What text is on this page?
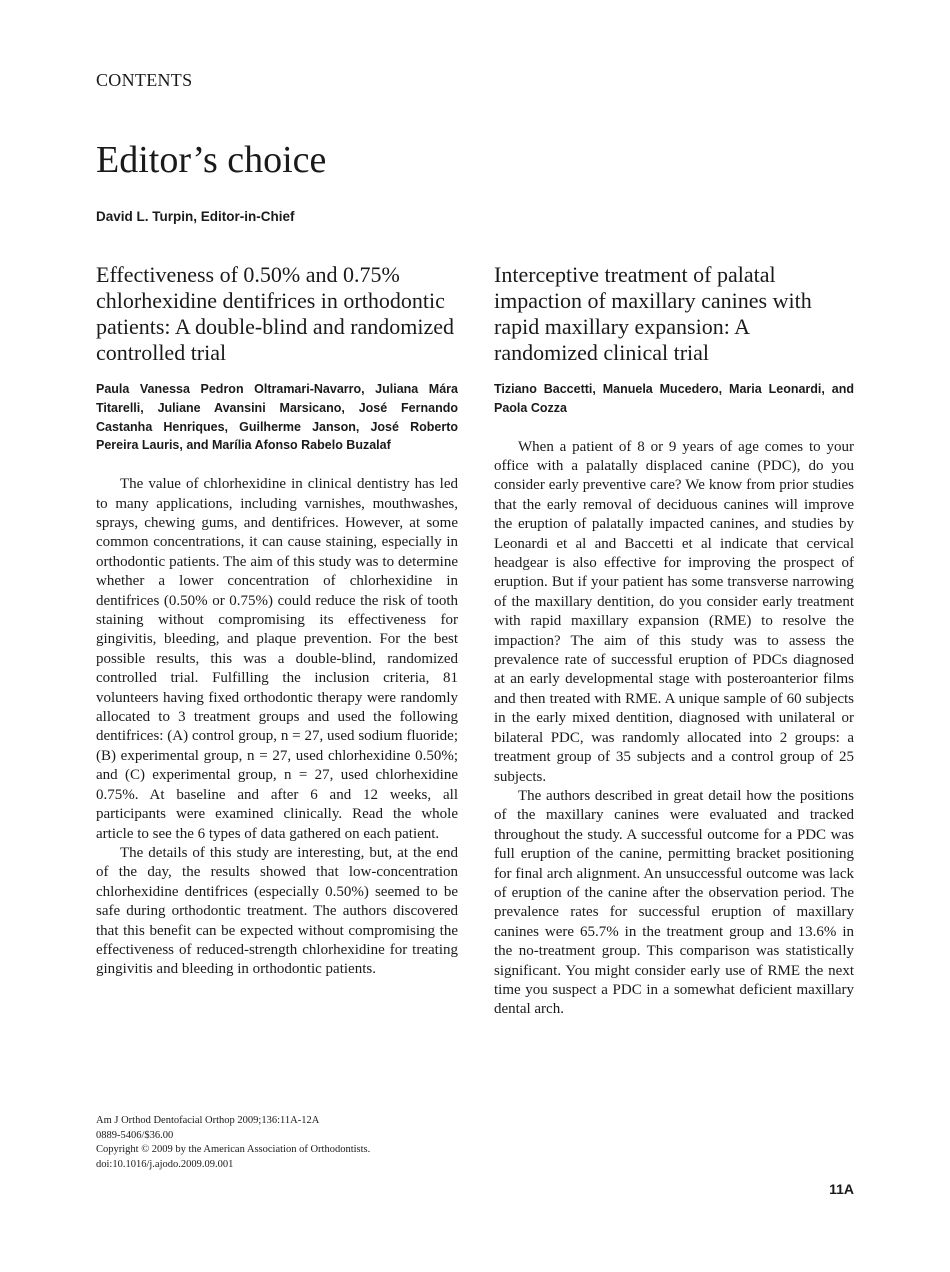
CONTENTS
Editor’s choice
David L. Turpin, Editor-in-Chief
Effectiveness of 0.50% and 0.75% chlorhexidine dentifrices in orthodontic patients: A double-blind and randomized controlled trial
Paula Vanessa Pedron Oltramari-Navarro, Juliana Mára Titarelli, Juliane Avansini Marsicano, José Fernando Castanha Henriques, Guilherme Janson, José Roberto Pereira Lauris, and Marília Afonso Rabelo Buzalaf

The value of chlorhexidine in clinical dentistry has led to many applications, including varnishes, mouthwashes, sprays, chewing gums, and dentifrices. However, at some common concentrations, it can cause staining, especially in orthodontic patients. The aim of this study was to determine whether a lower concentration of chlorhexidine in dentifrices (0.50% or 0.75%) could reduce the risk of tooth staining without compromising its effectiveness for gingivitis, bleeding, and plaque prevention. For the best possible results, this was a double-blind, randomized controlled trial. Fulfilling the inclusion criteria, 81 volunteers having fixed orthodontic therapy were randomly allocated to 3 treatment groups and used the following dentifrices: (A) control group, n = 27, used sodium fluoride; (B) experimental group, n = 27, used chlorhexidine 0.50%; and (C) experimental group, n = 27, used chlorhexidine 0.75%. At baseline and after 6 and 12 weeks, all participants were examined clinically. Read the whole article to see the 6 types of data gathered on each patient.

The details of this study are interesting, but, at the end of the day, the results showed that low-concentration chlorhexidine dentifrices (especially 0.50%) seemed to be safe during orthodontic treatment. The authors discovered that this benefit can be expected without compromising the effectiveness of reduced-strength chlorhexidine for treating gingivitis and bleeding in orthodontic patients.

Interceptive treatment of palatal impaction of maxillary canines with rapid maxillary expansion: A randomized clinical trial
Tiziano Baccetti, Manuela Mucedero, Maria Leonardi, and Paola Cozza

When a patient of 8 or 9 years of age comes to your office with a palatally displaced canine (PDC), do you consider early preventive care? We know from prior studies that the early removal of deciduous canines will improve the eruption of palatally impacted canines, and studies by Leonardi et al and Baccetti et al indicate that cervical headgear is also effective for improving the prospect of eruption. But if your patient has some transverse narrowing of the maxillary dentition, do you consider early treatment with rapid maxillary expansion (RME) to resolve the impaction? The aim of this study was to assess the prevalence rate of successful eruption of PDCs diagnosed at an early developmental stage with posteroanterior films and then treated with RME. A unique sample of 60 subjects in the early mixed dentition, diagnosed with unilateral or bilateral PDC, was randomly allocated into 2 groups: a treatment group of 35 subjects and a control group of 25 subjects.

The authors described in great detail how the positions of the maxillary canines were evaluated and tracked throughout the study. A successful outcome for a PDC was full eruption of the canine, permitting bracket positioning for final arch alignment. An unsuccessful outcome was lack of eruption of the canine after the observation period. The prevalence rates for successful eruption of maxillary canines were 65.7% in the treatment group and 13.6% in the no-treatment group. This comparison was statistically significant. You might consider early use of RME the next time you suspect a PDC in a somewhat deficient maxillary dental arch.

Am J Orthod Dentofacial Orthop 2009;136:11A-12A
0889-5406/$36.00
Copyright © 2009 by the American Association of Orthodontists.
doi:10.1016/j.ajodo.2009.09.001
11A
